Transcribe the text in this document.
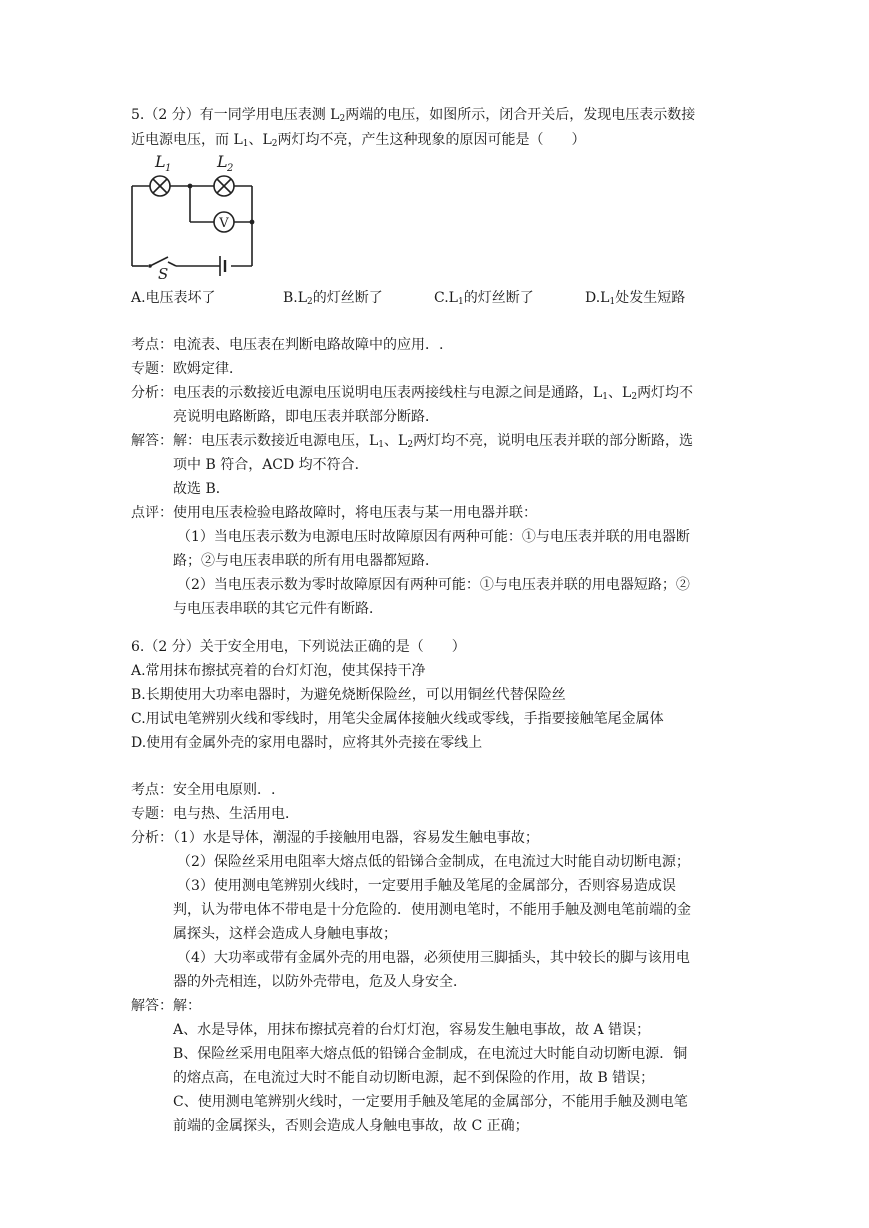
5.（2 分）有一同学用电压表测 $L_2$两端的电压，如图所示，闭合开关后，发现电压表示数接
近电源电压，而 $L_1$、$L_2$两灯均不亮，产生这种现象的原因可能是（　　）
V
L 1	L 2
S
A.电压表坏了	$B.L_2$的灯丝断了	$C.L_1$的灯丝断了	$D.L_1$处发生短路
考点：电流表、电压表在判断电路故障中的应用．.
专题：欧姆定律．
分析：电压表的示数接近电源电压说明电压表两接线柱与电源之间是通路，$L_1$、$L_2$两灯均不
亮说明电路断路，即电压表并联部分断路．
解答：解：电压表示数接近电源电压，$L_1$、$L_2$两灯均不亮，说明电压表并联的部分断路，选
项中 B 符合，ACD 均不符合．
故选 B．
点评：使用电压表检验电路故障时，将电压表与某一用电器并联：
（1）当电压表示数为电源电压时故障原因有两种可能：①与电压表并联的用电器断
路；②与电压表串联的所有用电器都短路．
（2）当电压表示数为零时故障原因有两种可能：①与电压表并联的用电器短路；②
与电压表串联的其它元件有断路．
6.（2 分）关于安全用电，下列说法正确的是（　　）
A.常用抹布擦拭亮着的台灯灯泡，使其保持干净
B.长期使用大功率电器时，为避免烧断保险丝，可以用铜丝代替保险丝
C.用试电笔辨别火线和零线时，用笔尖金属体接触火线或零线，手指要接触笔尾金属体
D.使用有金属外壳的家用电器时，应将其外壳接在零线上
考点：安全用电原则．.
专题：电与热、生活用电．
分析：（1）水是导体，潮湿的手接触用电器，容易发生触电事故；
（2）保险丝采用电阻率大熔点低的铅锑合金制成，在电流过大时能自动切断电源；
（3）使用测电笔辨别火线时，一定要用手触及笔尾的金属部分，否则容易造成误
判，认为带电体不带电是十分危险的．使用测电笔时，不能用手触及测电笔前端的金
属探头，这样会造成人身触电事故；
（4）大功率或带有金属外壳的用电器，必须使用三脚插头，其中较长的脚与该用电
器的外壳相连，以防外壳带电，危及人身安全．
解答：解：
A、水是导体，用抹布擦拭亮着的台灯灯泡，容易发生触电事故，故 A 错误；
B、保险丝采用电阻率大熔点低的铅锑合金制成，在电流过大时能自动切断电源．铜
的熔点高，在电流过大时不能自动切断电源，起不到保险的作用，故 B 错误；
C、使用测电笔辨别火线时，一定要用手触及笔尾的金属部分，不能用手触及测电笔
前端的金属探头，否则会造成人身触电事故，故 C 正确；
